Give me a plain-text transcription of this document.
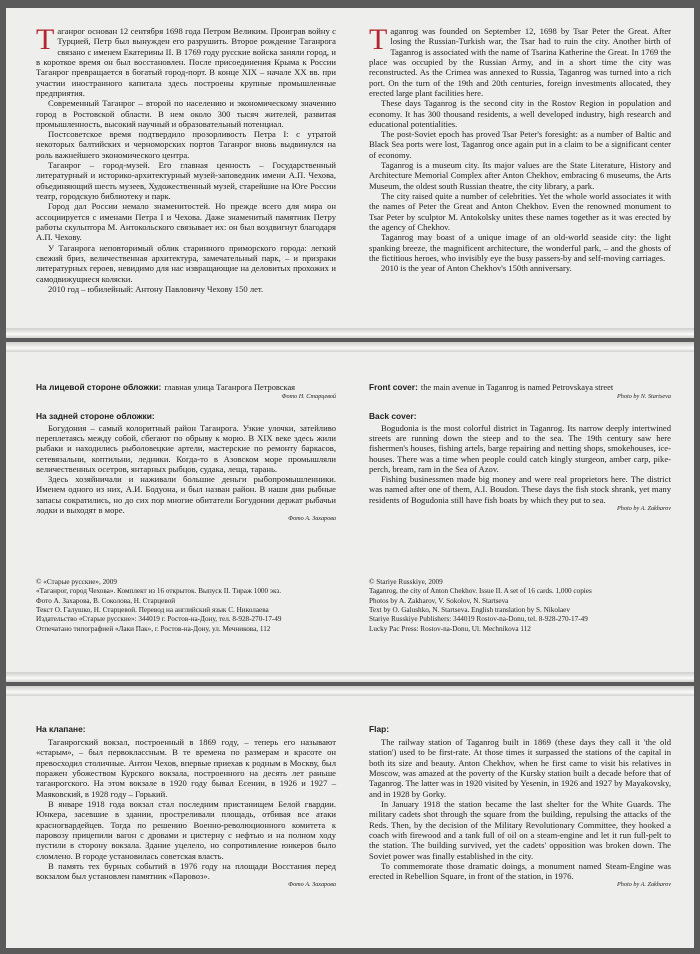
Таганрог основан 12 сентября 1698 года Петром Великим. Проиграв войну с Турцией, Петр был вынужден его разрушить. Второе рождение Таганрога связано с именем Екатерины II. В 1769 году русские войска заняли город, и в короткое время он был восстановлен. После присоединения Крыма к России Таганрог превращается в богатый город-порт. В конце XIX – начале XX вв. при участии иностранного капитала здесь построены крупные промышленные предприятия.

Современный Таганрог – второй по населению и экономическому значению город в Ростовской области. В нем около 300 тысяч жителей, развитая промышленность, высокий научный и образовательный потенциал.

Постсоветское время подтвердило прозорливость Петра I: с утратой некоторых балтийских и черноморских портов Таганрог вновь выдвинулся на роль важнейшего экономического центра.

Таганрог – город-музей. Его главная ценность – Государственный литературный и историко-архитектурный музей-заповедник имени А.П. Чехова, объединяющий шесть музеев, Художественный музей, старейшие на Юге России театр, городскую библиотеку и парк.

Город дал России немало знаменитостей. Но прежде всего для мира он ассоциируется с именами Петра I и Чехова. Даже знаменитый памятник Петру работы скульптора М. Антокольского связывает их: он был воздвигнут благодаря А.П. Чехову.

У Таганрога неповторимый облик старинного приморского города: легкий свежий бриз, величественная архитектура, замечательный парк, – и призраки литературных героев, невидимо для нас извращающие на деловитых прохожих и самодвижущиеся коляски.

2010 год – юбилейный: Антону Павловичу Чехову 150 лет.

Taganrog was founded on September 12, 1698 by Tsar Peter the Great. After losing the Russian-Turkish war, the Tsar had to ruin the city. Another birth of Taganrog is associated with the name of Tsarina Katherine the Great. In 1769 the place was occupied by the Russian Army, and in a short time the city was reconstructed. As the Crimea was annexed to Russia, Taganrog was turned into a rich port. On the turn of the 19th and 20th centuries, foreign investments allocated, they erected large plant facilities here.

These days Taganrog is the second city in the Rostov Region in population and economy. It has 300 thousand residents, a well developed industry, high research and educational potentialities.

The post-Soviet epoch has proved Tsar Peter's foresight: as a number of Baltic and Black Sea ports were lost, Taganrog once again put in a claim to be a significant center of economy.

Taganrog is a museum city. Its major values are the State Literature, History and Architecture Memorial Complex after Anton Chekhov, embracing 6 museums, the Arts Museum, the oldest south Russian theatre, the city library, a park.

The city raised quite a number of celebrities. Yet the whole world associates it with the names of Peter the Great and Anton Chekhov. Even the renowned monument to Tsar Peter by sculptor M. Antokolsky unites these names together as it was erected by the agency of Chekhov.

Taganrog may boast of a unique image of an old-world seaside city: the light spanking breeze, the magnificent architecture, the wonderful park, – and the ghosts of the fictitious heroes, who invisibly eye the busy passers-by and self-moving carriages.

2010 is the year of Anton Chekhov's 150th anniversary.

На лицевой стороне обложки: главная улица Таганрога Петровская

Фото Н. Старцевой

На задней стороне обложки:

Богудония – самый колоритный район Таганрога. Узкие улочки, затейливо переплетаясь между собой, сбегают по обрыву к морю. В XIX веке здесь жили рыбаки и находились рыболовецкие артели, мастерские по ремонту баркасов, сетевязальни, коптильни, ледники. Когда-то в Азовском море промышляли величественных осетров, янтарных рыбцов, судака, леща, тарань.

Здесь хозяйничали и наживали большие деньги рыбопромышленники. Именем одного из них, А.И. Бодуона, и был назван район. В наши дни рыбные запасы сократились, но до сих пор многие обитатели Богудонии держат рыбачьи лодки и выходят в море.

Фото А. Захарова

Front cover: the main avenue in Taganrog is named Petrovskaya street

Photo by N. Startseva

Back cover:

Bogudonia is the most colorful district in Taganrog. Its narrow deeply intertwined streets are running down the steep and to the sea. The 19th century saw here fishermen's houses, fishing artels, barge repairing and netting shops, smokehouses, ice-houses. There was a time when people could catch kingly sturgeon, amber carp, pike-perch, bream, ram in the Sea of Azov.

Fishing businessmen made big money and were real proprietors here. The district was named after one of them, A.I. Boudon. These days the fish stock shrank, yet many residents of Bogudonia still have fish boats by which they put to sea.

Photo by A. Zakharov

© «Старые русские», 2009
«Таганрог, город Чехова». Комплект из 16 открыток. Выпуск II. Тираж 1000 экз.
Фото А. Захарова, В. Соколова, Н. Старцевой
Текст О. Галушко, Н. Старцевой. Перевод на английский язык С. Николаева
Издательство «Старые русские»: 344019 г. Ростов-на-Дону, тел. 8-928-270-17-49
Отпечатано типографией «Лаки Пак», г. Ростов-на-Дону, ул. Мечникова, 112
© Stariye Russkiye, 2009
Taganrog, the city of Anton Chekhov. Issue II. A set of 16 cards. 1,000 copies
Photos by A. Zakharov, V. Sokolov, N. Startseva
Text by O. Galushko, N. Startseva. English translation by S. Nikolaev
Stariye Russkiye Publishers: 344019 Rostov-na-Donu, tel. 8-928-270-17-49
Lucky Pac Press: Rostov-na-Donu, Ul. Mechnikova 112
На клапане:

Таганрогский вокзал, построенный в 1869 году, – теперь его называют «старым», – был первоклассным. В те времена по размерам и красоте он превосходил столичные. Антон Чехов, впервые приехав к родным в Москву, был поражен убожеством Курского вокзала, построенного на десять лет раньше таганрогского. На этом вокзале в 1920 году бывал Есенин, в 1926 и 1927 – Маяковский, в 1928 году – Горький.

В январе 1918 года вокзал стал последним пристанищем Белой гвардии. Юнкера, засевшие в здании, простреливали площадь, отбивая все атаки красногвардейцев. Тогда по решению Военно-революционного комитета к паровозу прицепили вагон с дровами и цистерну с нефтью и на полном ходу пустили в сторону вокзала. Здание уцелело, но сопротивление юнкеров было сломлено. В городе установилась советская власть.

В память тех бурных событий в 1976 году на площади Восстания перед вокзалом был установлен памятник «Паровоз».

Фото А. Захарова

Flap:

The railway station of Taganrog built in 1869 (these days they call it 'the old station') used to be first-rate. At those times it surpassed the stations of the capital in both its size and beauty. Anton Chekhov, when he first came to visit his relatives in Moscow, was amazed at the poverty of the Kursky station built a decade before that of Taganrog. The latter was in 1920 visited by Yesenin, in 1926 and 1927 by Mayakovsky, and in 1928 by Gorky.

In January 1918 the station became the last shelter for the White Guards. The military cadets shot through the square from the building, repulsing the attacks of the Reds. Then, by the decision of the Military Revolutionary Committee, they hooked a coach with firewood and a tank full of oil on a steam-engine and let it run full-pelt to the station. The building survived, yet the cadets' opposition was broken down. The Soviet power was finally established in the city.

To commemorate those dramatic doings, a monument named Steam-Engine was erected in Rebellion Square, in front of the station, in 1976.

Photo by A. Zakharov
